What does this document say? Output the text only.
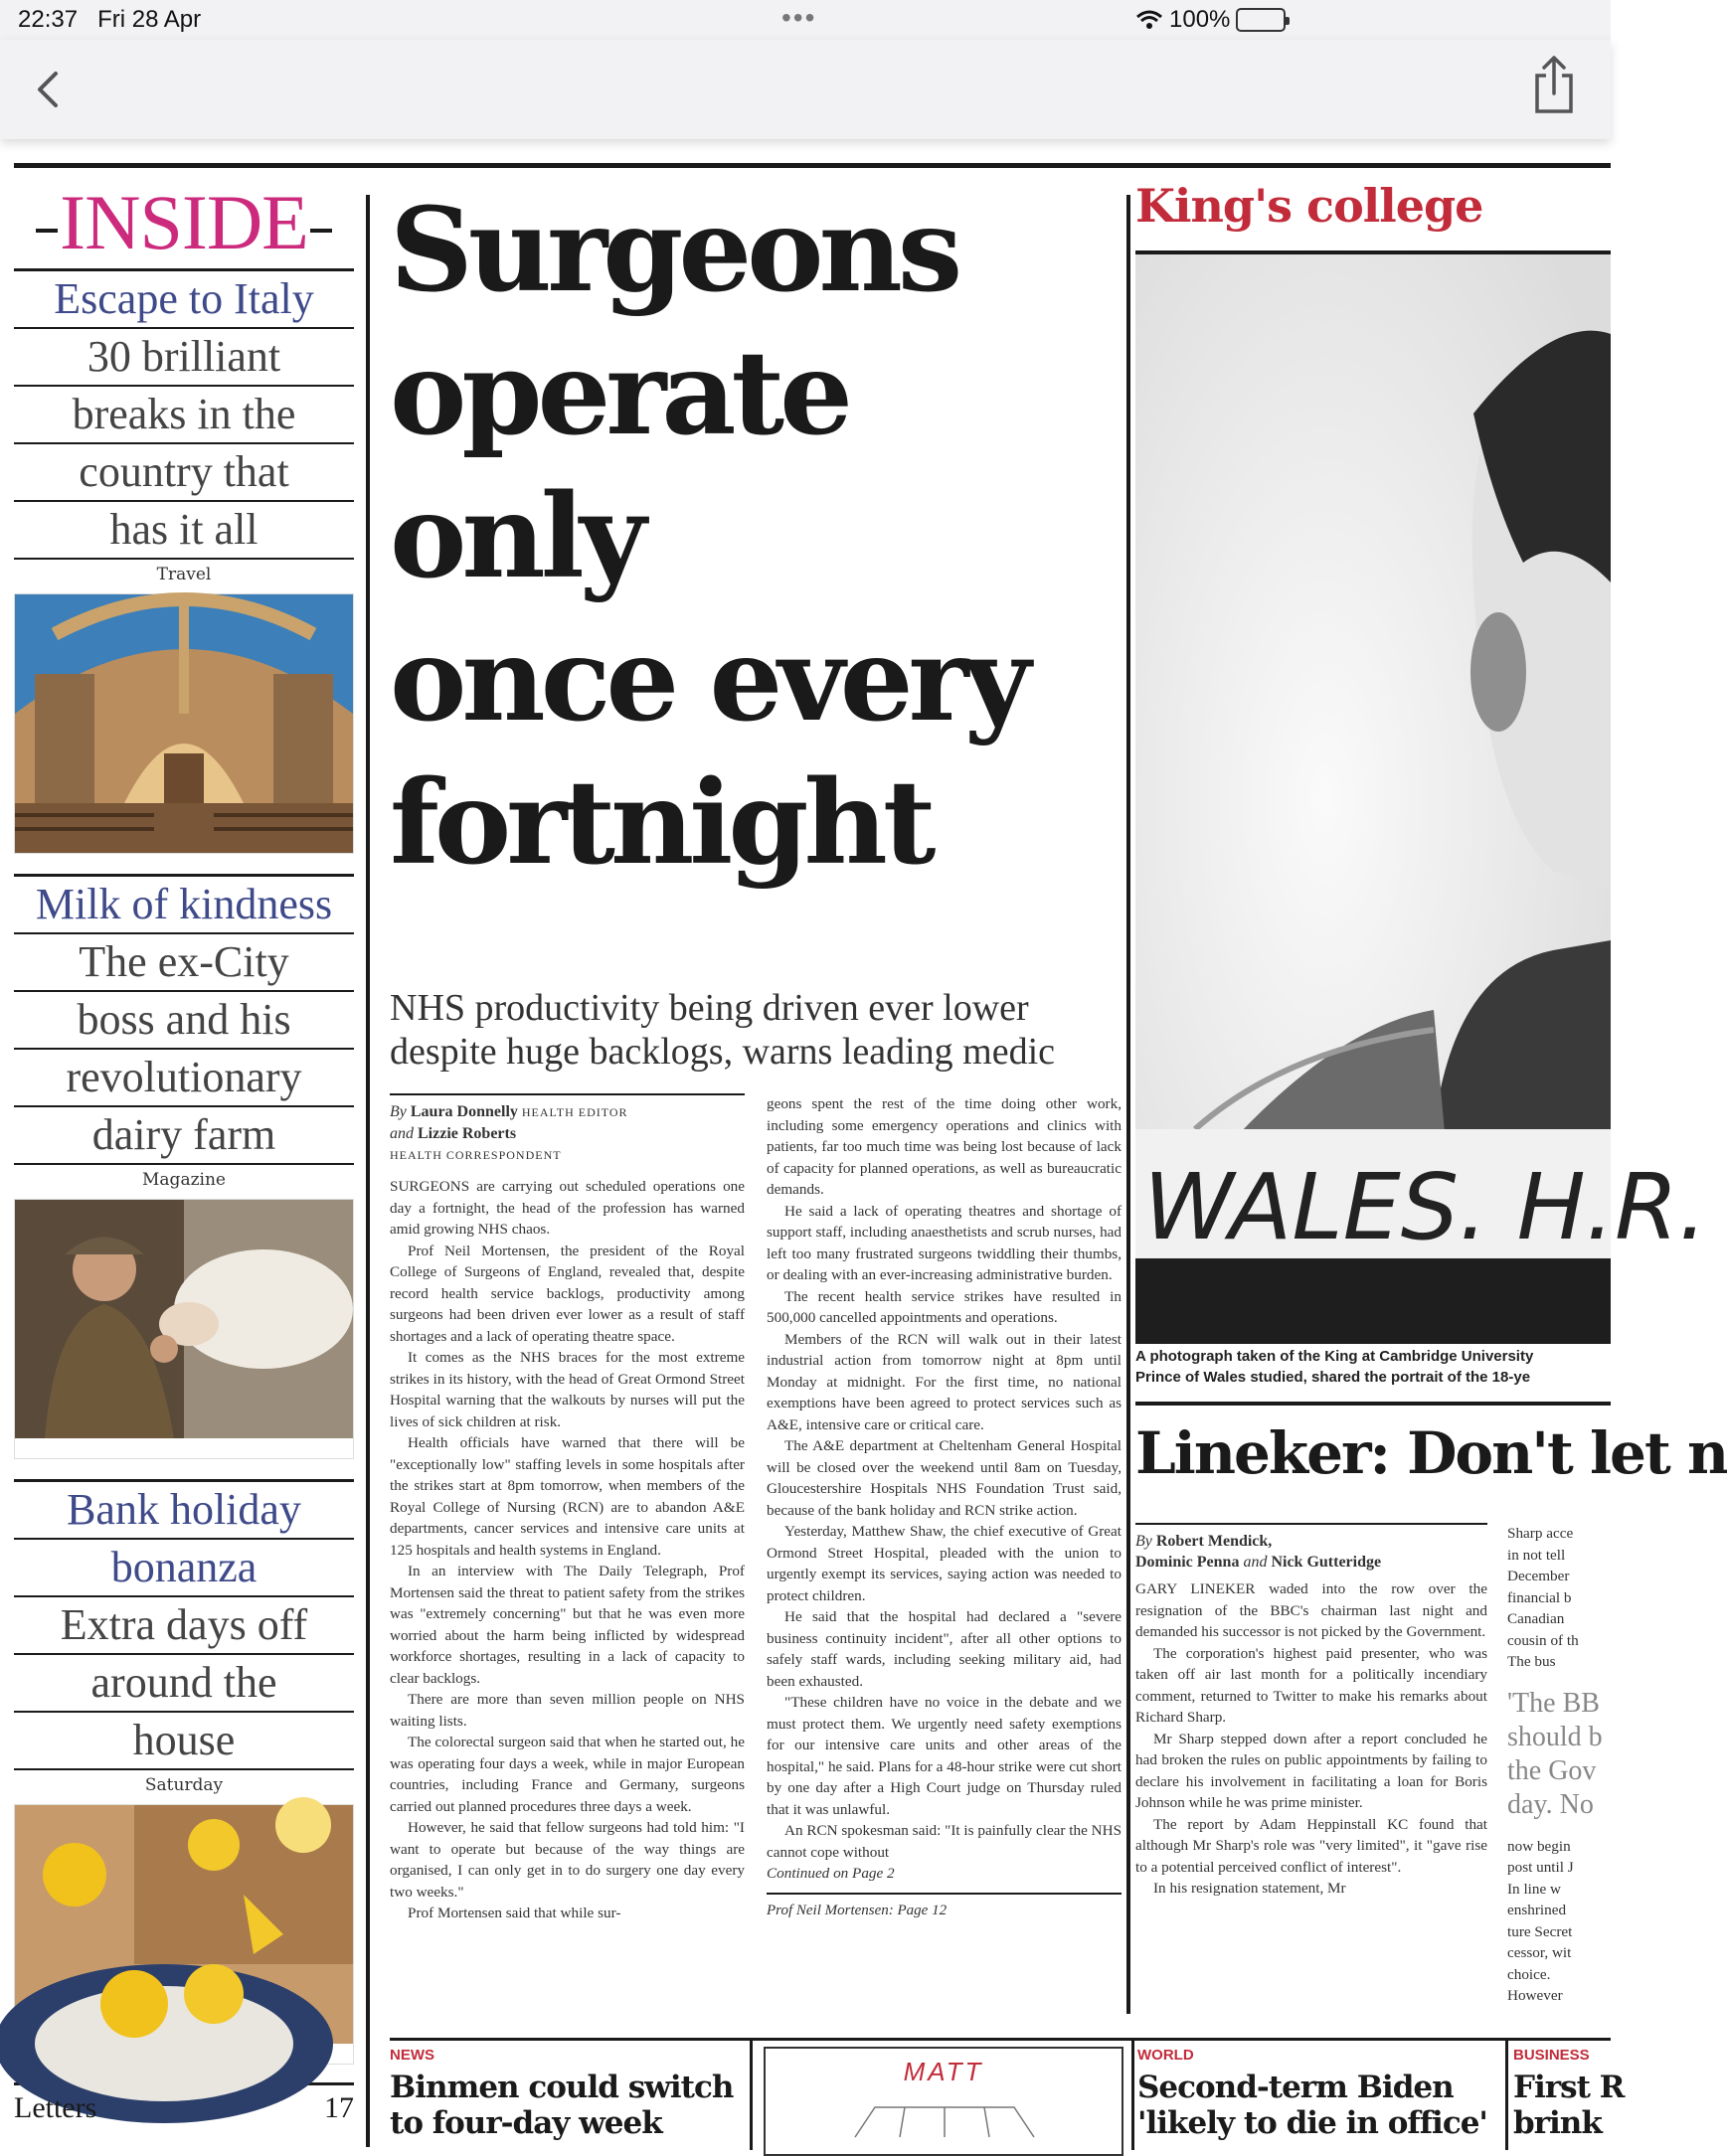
22:37 Fri 28 Apr	•••	100%
INSIDE
Escape to Italy
30 brilliant
breaks in the
country that
has it all
Travel
Milk of kindness
The ex-City
boss and his
revolutionary
dairy farm
Magazine
Bank holiday
bonanza
Extra days off
around the
house
Saturday
Letters	17
Surgeons
operate only
once every
fortnight
NHS productivity being driven ever lower despite huge backlogs, warns leading medic
By Laura Donnelly HEALTH EDITOR
and Lizzie Roberts
HEALTH CORRESPONDENT

SURGEONS are carrying out scheduled operations one day a fortnight, the head of the profession has warned amid growing NHS chaos.

Prof Neil Mortensen, the president of the Royal College of Surgeons of England, revealed that, despite record health service backlogs, productivity among surgeons had been driven ever lower as a result of staff shortages and a lack of operating theatre space.

It comes as the NHS braces for the most extreme strikes in its history, with the head of Great Ormond Street Hospital warning that the walkouts by nurses will put the lives of sick children at risk.

Health officials have warned that there will be "exceptionally low" staffing levels in some hospitals after the strikes start at 8pm tomorrow, when members of the Royal College of Nursing (RCN) are to abandon A&E departments, cancer services and intensive care units at 125 hospitals and health systems in England.

In an interview with The Daily Telegraph, Prof Mortensen said the threat to patient safety from the strikes was "extremely concerning" but that he was even more worried about the harm being inflicted by widespread workforce shortages, resulting in a lack of capacity to clear backlogs.

There are more than seven million people on NHS waiting lists.

The colorectal surgeon said that when he started out, he was operating four days a week, while in major European countries, including France and Germany, surgeons carried out planned procedures three days a week.

However, he said that fellow surgeons had told him: "I want to operate but because of the way things are organised, I can only get in to do surgery one day every two weeks."

Prof Mortensen said that while sur-

geons spent the rest of the time doing other work, including some emergency operations and clinics with patients, far too much time was being lost because of lack of capacity for planned operations, as well as bureaucratic demands.

He said a lack of operating theatres and shortage of support staff, including anaesthetists and scrub nurses, had left too many frustrated surgeons twiddling their thumbs, or dealing with an ever-increasing administrative burden.

The recent health service strikes have resulted in 500,000 cancelled appointments and operations.

Members of the RCN will walk out in their latest industrial action from tomorrow night at 8pm until Monday at midnight. For the first time, no national exemptions have been agreed to protect services such as A&E, intensive care or critical care.

The A&E department at Cheltenham General Hospital will be closed over the weekend until 8am on Tuesday, Gloucestershire Hospitals NHS Foundation Trust said, because of the bank holiday and RCN strike action.

Yesterday, Matthew Shaw, the chief executive of Great Ormond Street Hospital, pleaded with the union to urgently exempt its services, saying action was needed to protect children.

He said that the hospital had declared a "severe business continuity incident", after all other options to safely staff wards, including seeking military aid, had been exhausted.

"These children have no voice in the debate and we must protect them. We urgently need safety exemptions for our intensive care units and other areas of the hospital," he said. Plans for a 48-hour strike were cut short by one day after a High Court judge on Thursday ruled that it was unlawful.

An RCN spokesman said: "It is painfully clear the NHS cannot cope without

Continued on Page 2

Prof Neil Mortensen: Page 12
King's college
WALES. H.R.
A photograph taken of the King at Cambridge University
Prince of Wales studied, shared the portrait of the 18-ye
Lineker: Don't let n
By Robert Mendick,
Dominic Penna and Nick Gutteridge

GARY LINEKER waded into the row over the resignation of the BBC's chairman last night and demanded his successor is not picked by the Government.

The corporation's highest paid presenter, who was taken off air last month for a politically incendiary comment, returned to Twitter to make his remarks about Richard Sharp.

Mr Sharp stepped down after a report concluded he had broken the rules on public appointments by failing to declare his involvement in facilitating a loan for Boris Johnson while he was prime minister.

The report by Adam Heppinstall KC found that although Mr Sharp's role was "very limited", it "gave rise to a potential perceived conflict of interest".

In his resignation statement, Mr

Sharp acce
in not tell
December
financial b
Canadian
cousin of th
The bus
'The BB
should b
the Gov
day. No
now begin
post until J
In line w
enshrined
ture Secret
cessor, wit
choice.
However
NEWS
Binmen could switch
to four-day week
MATT
WORLD
Second-term Biden
'likely to die in office'
BUSINESS
First R
brink
